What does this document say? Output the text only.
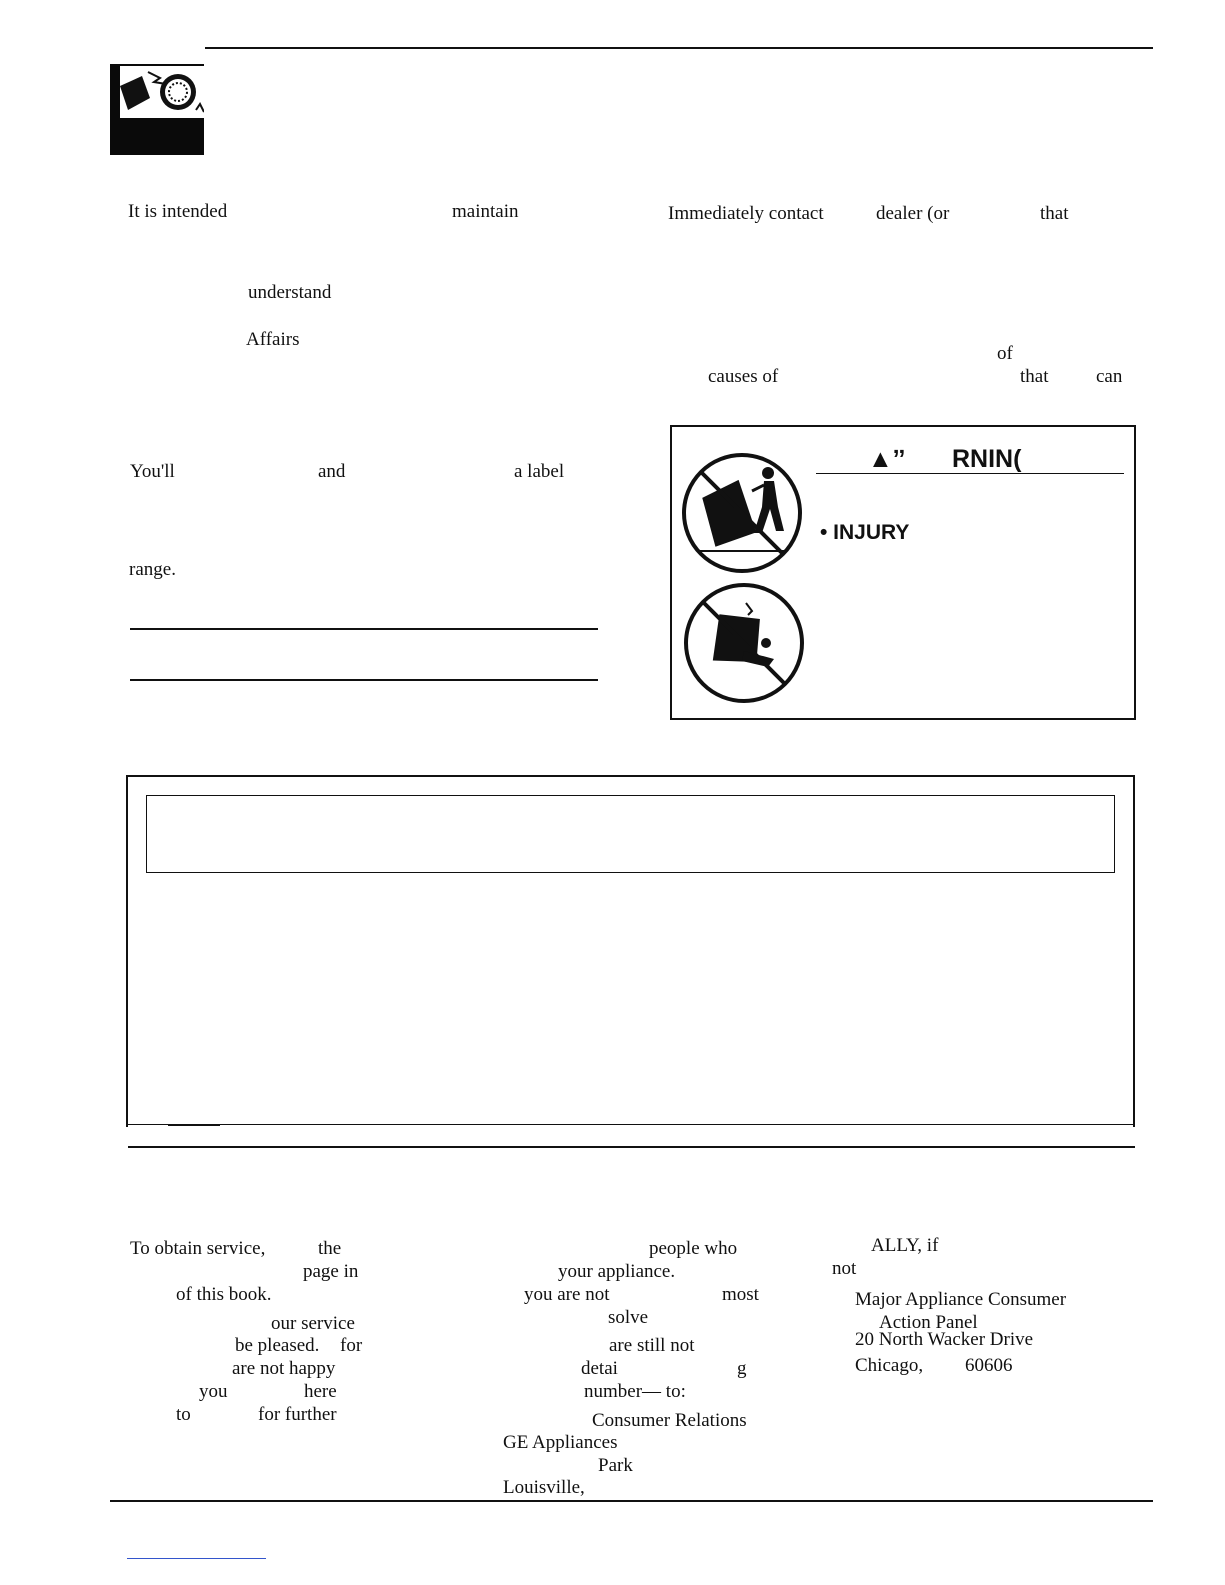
It is intended	maintain
understand
Affairs
You'll	and	a label
range.
Immediately contact	dealer (or	that
of
causes of	that	can
▲ˮ RNIN(
• INJURY
To obtain service,	the
page in
of this book.
our service
be pleased. for
are not happy
you	here
to	for further
people who
your appliance.
you are not	most
solve
are still not
detai	g
number— to:
Consumer Relations
GE Appliances
Park
Louisville,
ALLY, if
not
Major Appliance Consumer
Action Panel
20 North Wacker Drive
Chicago, 60606
